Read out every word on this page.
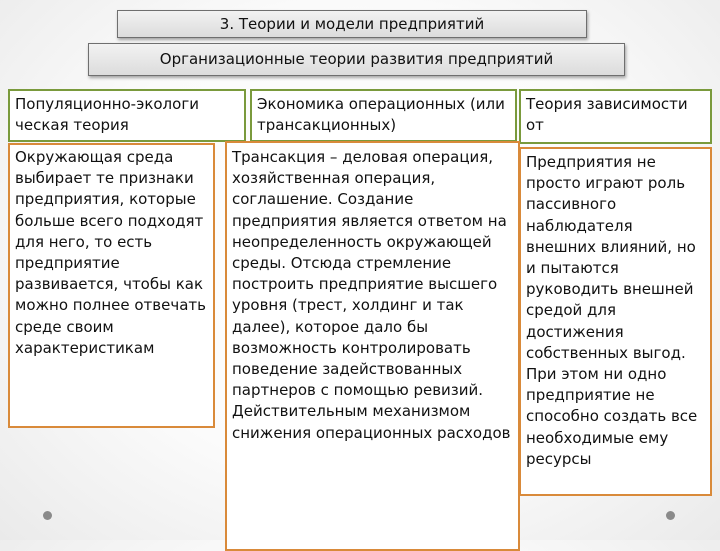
3. Теории и модели предприятий
Организационные теории развития предприятий
Популяционно-экологи ческая теория
Экономика операционных (или трансакционных)
Теория зависимости от
Окружающая среда выбирает те признаки предприятия, которые больше всего подходят для него, то есть предприятие развивается, чтобы как можно полнее отвечать среде своим характеристикам
Трансакция – деловая операция, хозяйственная операция, соглашение. Создание предприятия является ответом на неопределенность окружающей среды. Отсюда стремление построить предприятие высшего уровня (трест, холдинг и так далее), которое дало бы возможность контролировать поведение задействованных партнеров с помощью ревизий. Действительным механизмом снижения операционных расходов
Предприятия не просто играют роль пассивного наблюдателя внешних влияний, но и пытаются руководить внешней средой для достижения собственных выгод. При этом ни одно предприятие не способно создать все необходимые ему ресурсы
